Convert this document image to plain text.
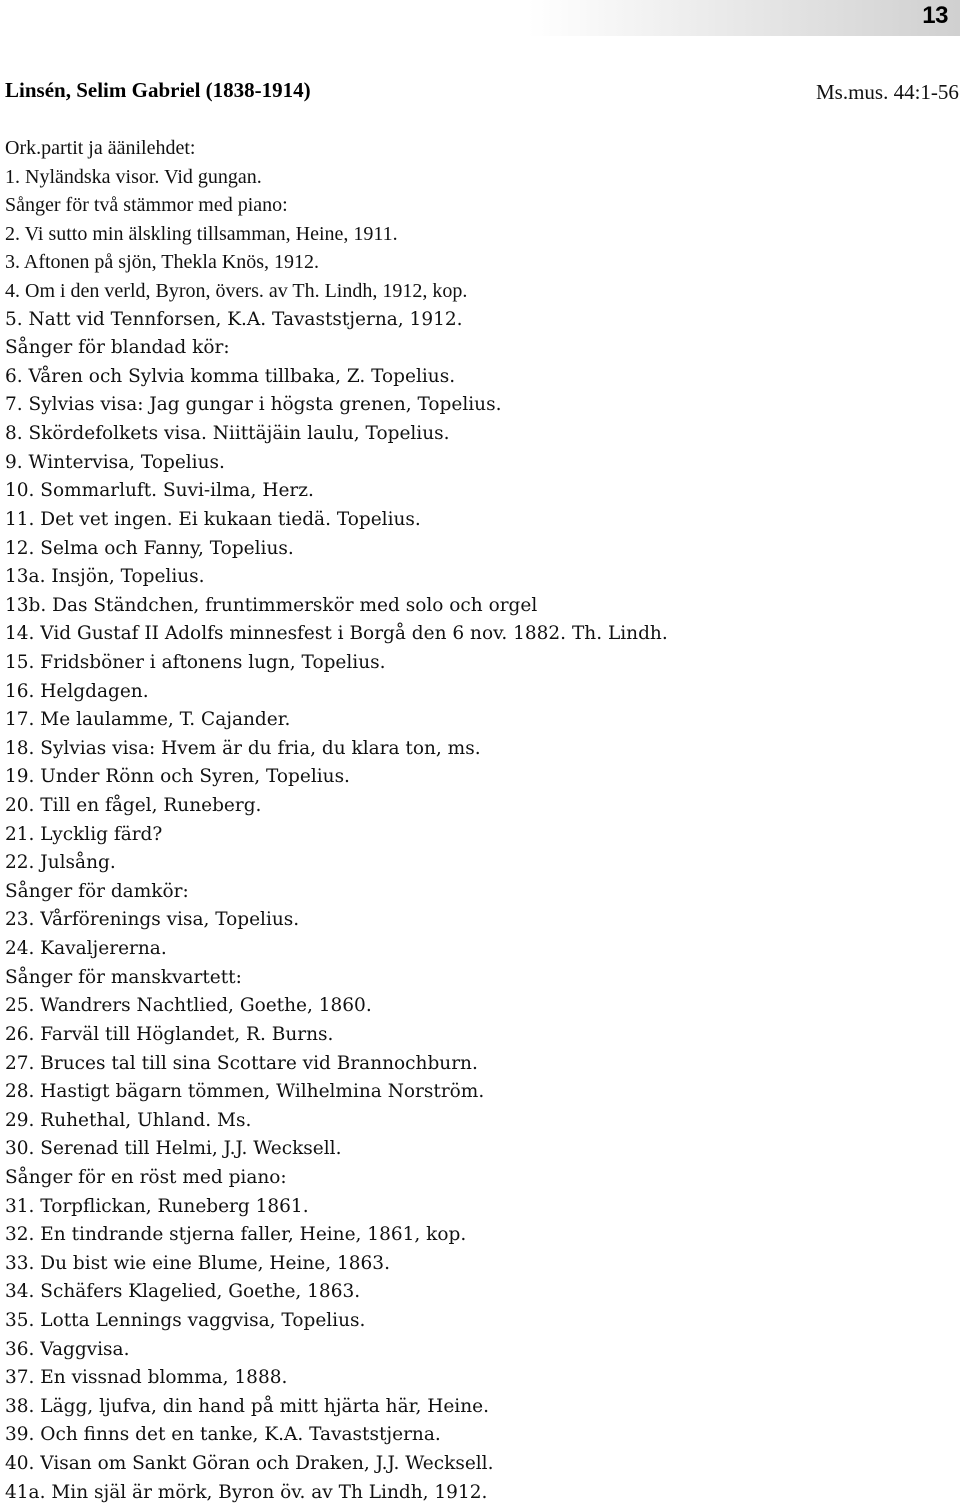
13
Linsén, Selim Gabriel (1838-1914)	Ms.mus. 44:1-56
Ork.partit ja äänilehdet:
1. Nyländska visor. Vid gungan.
Sånger för två stämmor med piano:
2. Vi sutto min älskling tillsamman, Heine, 1911.
3. Aftonen på sjön, Thekla Knös, 1912.
4. Om i den verld, Byron, övers. av Th. Lindh, 1912, kop.
5. Natt vid Tennforsen, K.A. Tavaststjerna, 1912.
Sånger för blandad kör:
6. Våren och Sylvia komma tillbaka, Z. Topelius.
7. Sylvias visa: Jag gungar i högsta grenen, Topelius.
8. Skördefolkets visa. Niittäjäin laulu, Topelius.
9. Wintervisa, Topelius.
10. Sommarluft. Suvi-ilma, Herz.
11. Det vet ingen. Ei kukaan tiedä. Topelius.
12. Selma och Fanny, Topelius.
13a. Insjön, Topelius.
13b. Das Ständchen, fruntimmerskör med solo och orgel
14. Vid Gustaf II Adolfs minnesfest i Borgå den 6 nov. 1882. Th. Lindh.
15. Fridsböner i aftonens lugn, Topelius.
16. Helgdagen.
17. Me laulamme, T. Cajander.
18. Sylvias visa: Hvem är du fria, du klara ton, ms.
19. Under Rönn och Syren, Topelius.
20. Till en fågel, Runeberg.
21. Lycklig färd?
22. Julsång.
Sånger för damkör:
23. Vårförenings visa, Topelius.
24. Kavaljererna.
Sånger för manskvartett:
25. Wandrers Nachtlied, Goethe, 1860.
26. Farväl till Höglandet, R. Burns.
27. Bruces tal till sina Scottare vid Brannochburn.
28. Hastigt bägarn tömmen, Wilhelmina Norström.
29. Ruhethal, Uhland. Ms.
30. Serenad till Helmi, J.J. Wecksell.
Sånger för en röst med piano:
31. Torpflickan, Runeberg 1861.
32. En tindrande stjerna faller, Heine, 1861, kop.
33. Du bist wie eine Blume, Heine, 1863.
34. Schäfers Klagelied, Goethe, 1863.
35. Lotta Lennings vaggvisa, Topelius.
36. Vaggvisa.
37. En vissnad blomma, 1888.
38. Lägg, ljufva, din hand på mitt hjärta här, Heine.
39. Och finns det en tanke, K.A. Tavaststjerna.
40. Visan om Sankt Göran och Draken, J.J. Wecksell.
41a. Min själ är mörk, Byron öv. av Th Lindh, 1912.
